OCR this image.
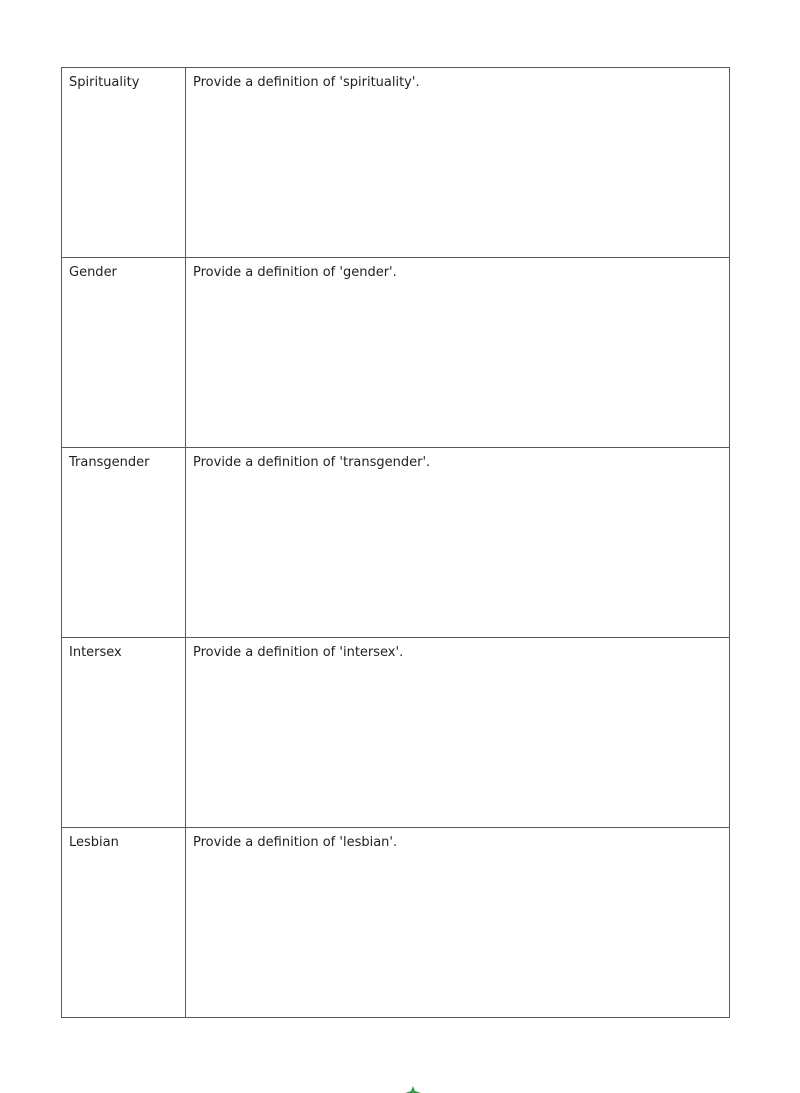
Spirituality	Provide a definition of 'spirituality'.
Gender	Provide a definition of 'gender'.
Transgender	Provide a definition of 'transgender'.
Intersex	Provide a definition of 'intersex'.
Lesbian	Provide a definition of 'lesbian'.
